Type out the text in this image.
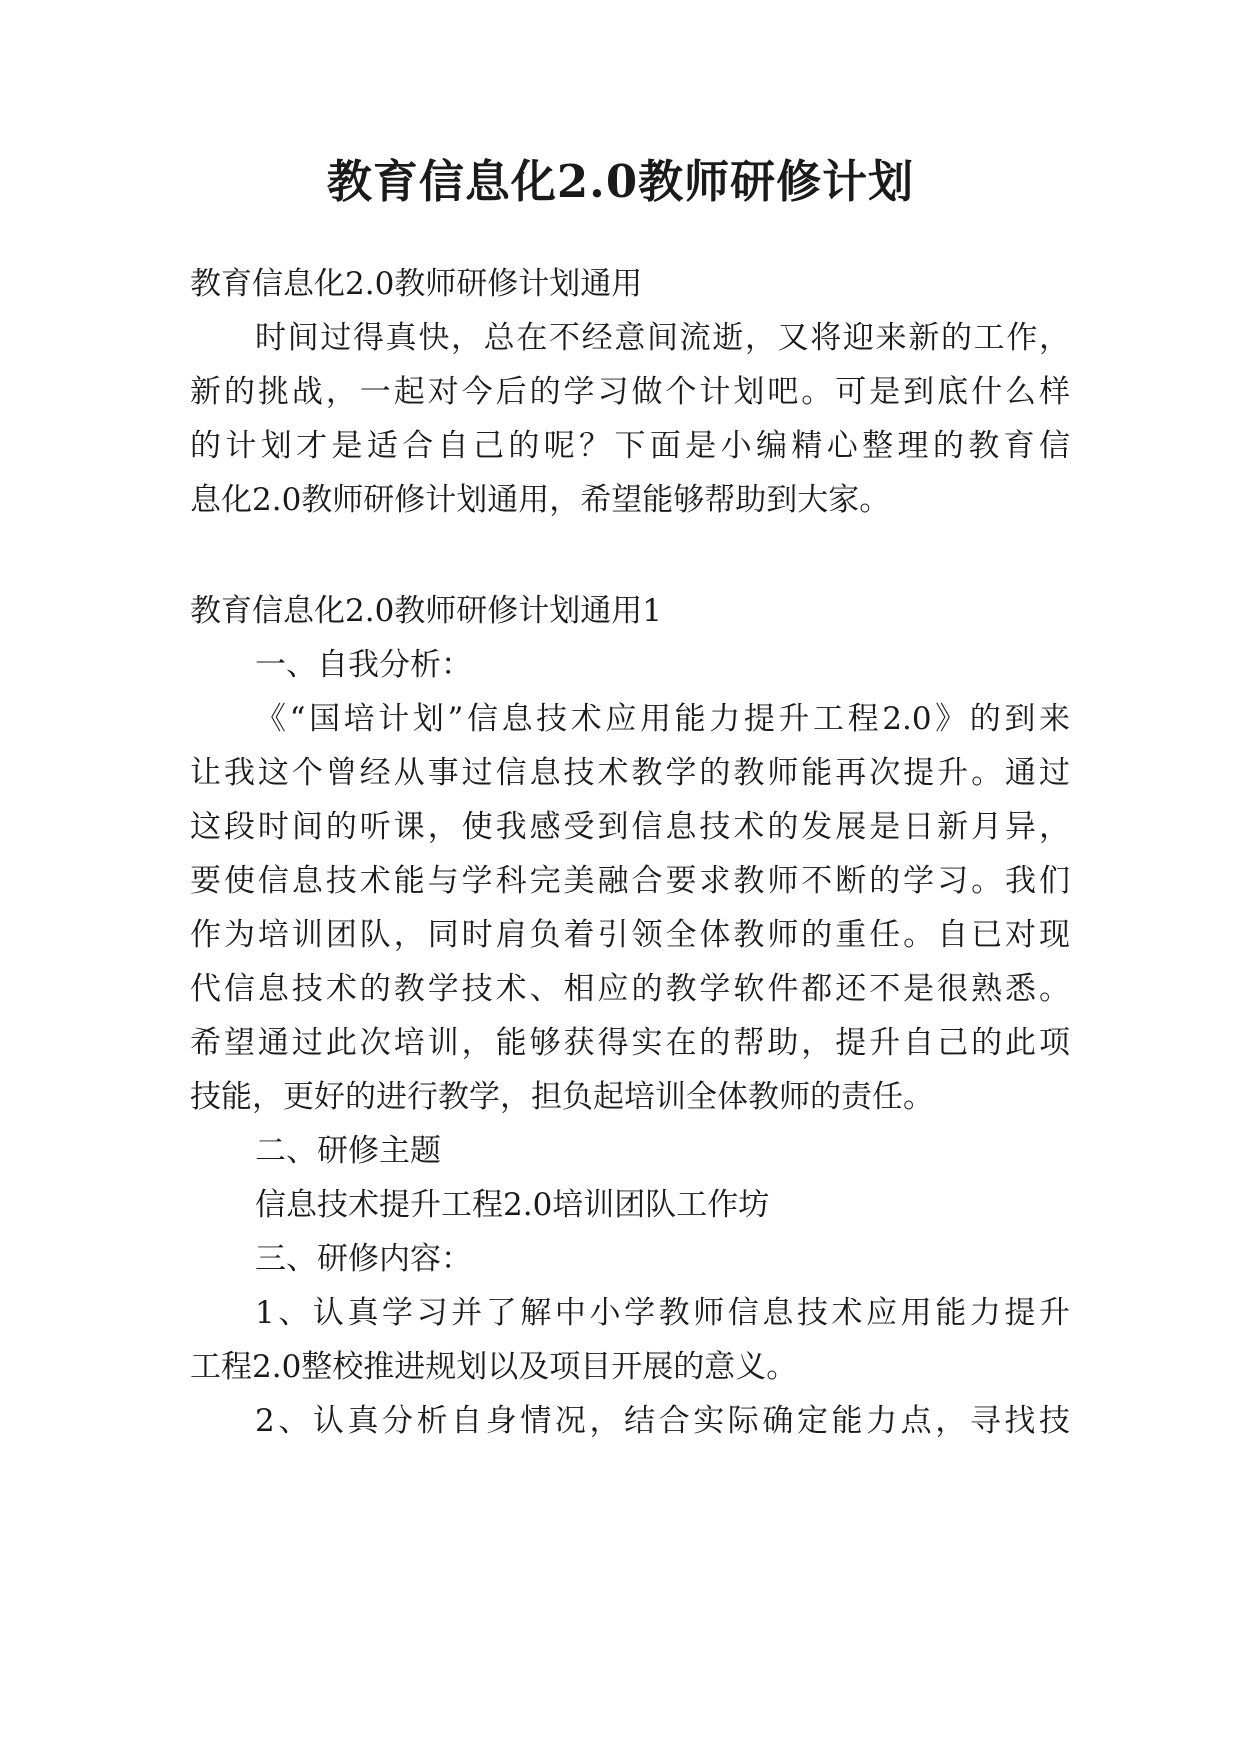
教育信息化2.0教师研修计划
教育信息化2.0教师研修计划通用
时间过得真快，总在不经意间流逝，又将迎来新的工作，
新的挑战，一起对今后的学习做个计划吧。可是到底什么样
的计划才是适合自己的呢？下面是小编精心整理的教育信
息化2.0教师研修计划通用，希望能够帮助到大家。
教育信息化2.0教师研修计划通用1
一、自我分析：
《“国培计划”信息技术应用能力提升工程2.0》的到来
让我这个曾经从事过信息技术教学的教师能再次提升。通过
这段时间的听课，使我感受到信息技术的发展是日新月异，
要使信息技术能与学科完美融合要求教师不断的学习。我们
作为培训团队，同时肩负着引领全体教师的重任。自已对现
代信息技术的教学技术、相应的教学软件都还不是很熟悉。
希望通过此次培训，能够获得实在的帮助，提升自己的此项
技能，更好的进行教学，担负起培训全体教师的责任。
二、研修主题
信息技术提升工程2.0培训团队工作坊
三、研修内容：
1、认真学习并了解中小学教师信息技术应用能力提升
工程2.0整校推进规划以及项目开展的意义。
2、认真分析自身情况，结合实际确定能力点，寻找技
